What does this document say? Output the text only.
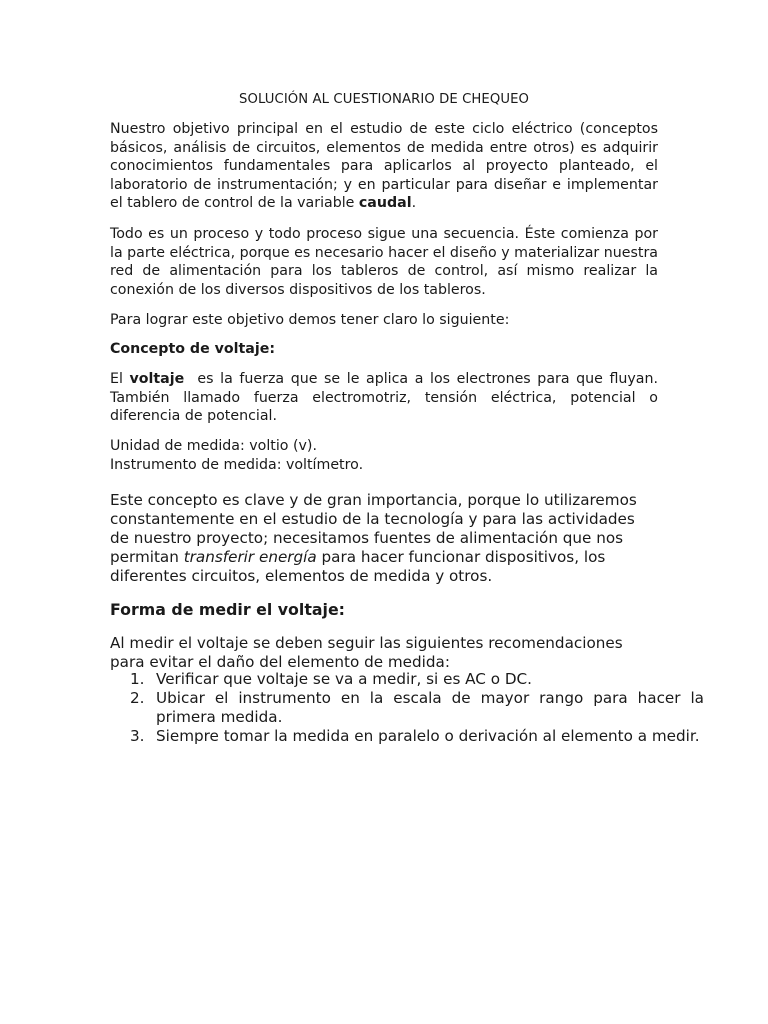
SOLUCIÓN AL CUESTIONARIO DE CHEQUEO
Nuestro objetivo principal en el estudio de este ciclo eléctrico (conceptos básicos, análisis de circuitos, elementos de medida entre otros) es adquirir conocimientos fundamentales para aplicarlos al proyecto planteado, el laboratorio de instrumentación; y en particular para diseñar e implementar el tablero de control de la variable caudal.
Todo es un proceso y todo proceso sigue una secuencia. Éste comienza por la parte eléctrica, porque es necesario hacer el diseño y materializar nuestra red de alimentación para los tableros de control, así mismo realizar la conexión de los diversos dispositivos de los tableros.
Para lograr este objetivo demos tener claro lo siguiente:
Concepto de voltaje:
El voltaje  es la fuerza que se le aplica a los electrones para que fluyan. También llamado fuerza electromotriz, tensión eléctrica, potencial o diferencia de potencial.
Unidad de medida: voltio (v).
Instrumento de medida: voltímetro.
Este concepto es clave y de gran importancia, porque lo utilizaremos constantemente en el estudio de la tecnología y para las actividades de nuestro proyecto; necesitamos fuentes de alimentación que nos permitan transferir energía para hacer funcionar dispositivos, los diferentes circuitos, elementos de medida y otros.
Forma de medir el voltaje:
Al medir el voltaje se deben seguir las siguientes recomendaciones para evitar el daño del elemento de medida:
1. Verificar que voltaje se va a medir, si es AC o DC.
2. Ubicar el instrumento en la escala de mayor rango para hacer la primera medida.
3. Siempre tomar la medida en paralelo o derivación al elemento a medir.
